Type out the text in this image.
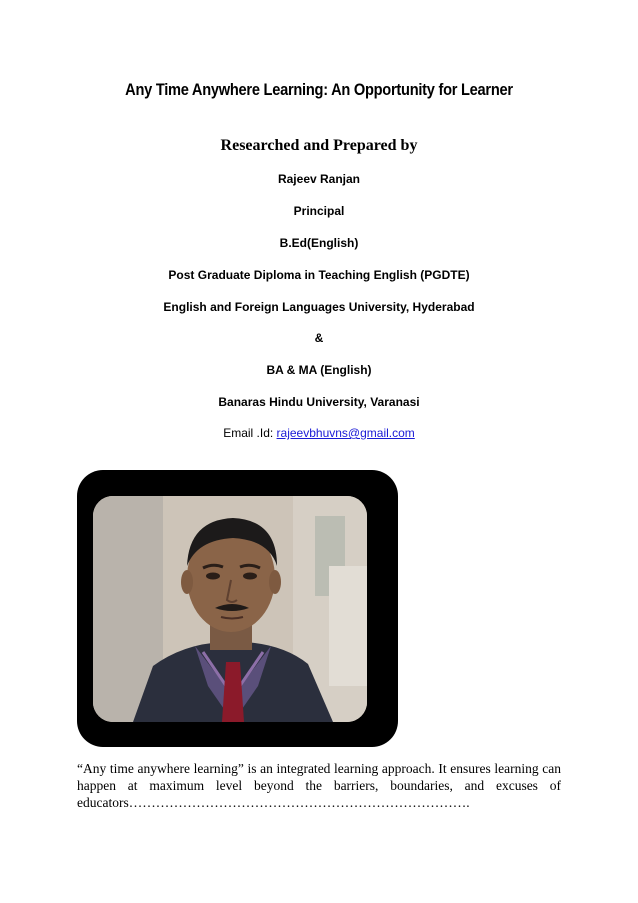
Any Time Anywhere Learning: An Opportunity for Learner
Researched and Prepared by
Rajeev Ranjan
Principal
B.Ed(English)
Post Graduate Diploma in Teaching English (PGDTE)
English and Foreign Languages University, Hyderabad
&
BA & MA (English)
Banaras Hindu University, Varanasi
Email .Id: rajeevbhuvns@gmail.com
“Any time anywhere learning” is an integrated learning approach. It ensures learning can happen at maximum level beyond the barriers, boundaries, and excuses of educators………………………………………………………………….
